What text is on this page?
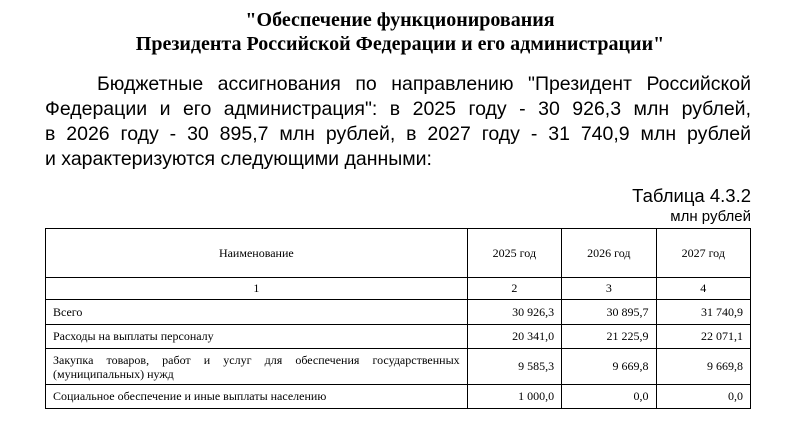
"Обеспечение функционирования
Президента Российской Федерации и его администрации"
Бюджетные ассигнования по направлению "Президент Российской
Федерации и его администрация": в 2025 году - 30 926,3 млн рублей,
в 2026 году - 30 895,7 млн рублей, в 2027 году - 31 740,9 млн рублей
и характеризуются следующими данными:
Таблица 4.3.2
млн рублей
Наименование	2025 год	2026 год	2027 год
1	2	3	4
Всего	30 926,3	30 895,7	31 740,9
Расходы на выплаты персоналу	20 341,0	21 225,9	22 071,1
Закупка товаров, работ и услуг для обеспечения государственных (муниципальных) нужд	9 585,3	9 669,8	9 669,8
Социальное обеспечение и иные выплаты населению	1 000,0	0,0	0,0
